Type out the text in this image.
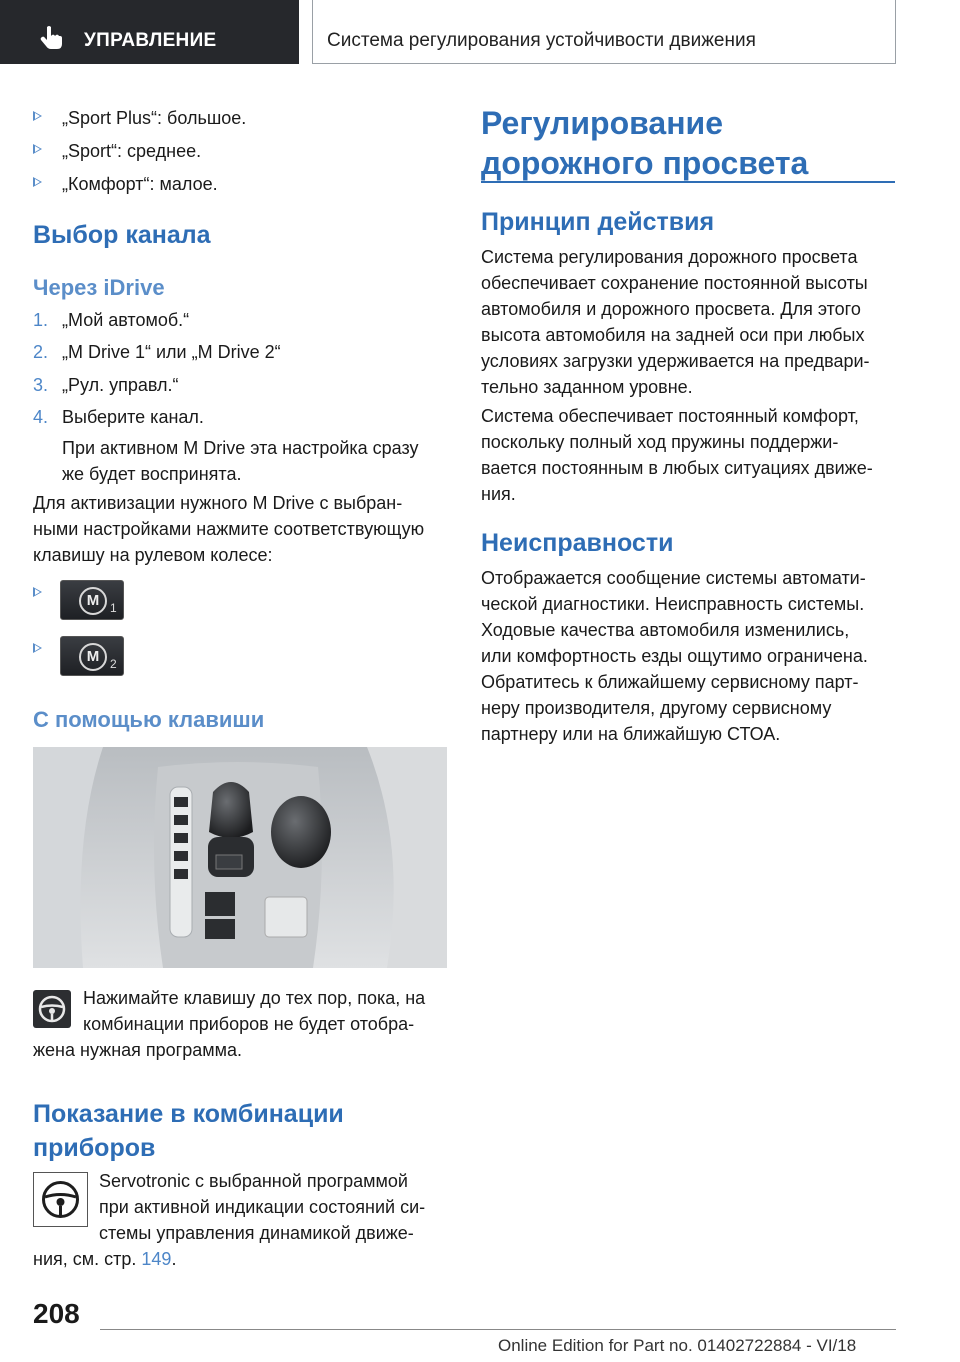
УПРАВЛЕНИЕ	Система регулирования устойчивости движения
„Sport Plus“: большое.
„Sport“: среднее.
„Комфорт“: малое.
Выбор канала
Через iDrive
1. „Мой автомоб.“
2. „M Drive 1“ или „M Drive 2“
3. „Рул. управл.“
4. Выберите канал.
При активном M Drive эта настройка сразу
же будет воспринята.
Для активизации нужного M Drive с выбран-
ными настройками нажмите соответствующую
клавишу на рулевом колесе:
M 1
M 2
С помощью клавиши
Нажимайте клавишу до тех пор, пока, на
комбинации приборов не будет отобра-
жена нужная программа.
Показание в комбинации
приборов
Servotronic с выбранной программой
при активной индикации состояний си-
стемы управления динамикой движе-
ния, см. стр. 149.
Регулирование
дорожного просвета
Принцип действия
Система регулирования дорожного просвета
обеспечивает сохранение постоянной высоты
автомобиля и дорожного просвета. Для этого
высота автомобиля на задней оси при любых
условиях загрузки удерживается на предвари-
тельно заданном уровне.
Система обеспечивает постоянный комфорт,
поскольку полный ход пружины поддержи-
вается постоянным в любых ситуациях движе-
ния.
Неисправности
Отображается сообщение системы автомати-
ческой диагностики. Неисправность системы.
Ходовые качества автомобиля изменились,
или комфортность езды ощутимо ограничена.
Обратитесь к ближайшему сервисному парт-
неру производителя, другому сервисному
партнеру или на ближайшую СТОА.
208
Online Edition for Part no. 01402722884 - VI/18
